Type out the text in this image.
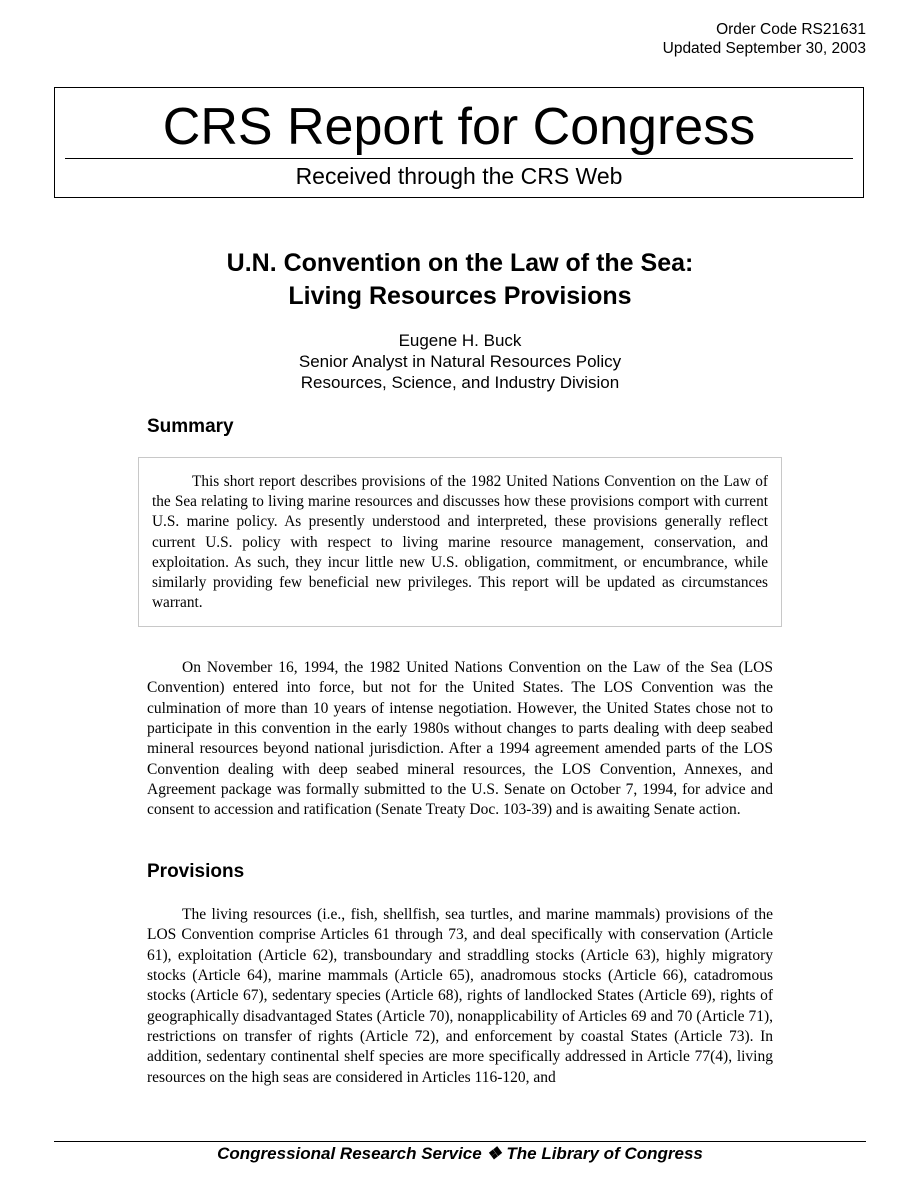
Order Code RS21631
Updated September 30, 2003
CRS Report for Congress
Received through the CRS Web
U.N. Convention on the Law of the Sea:
Living Resources Provisions
Eugene H. Buck
Senior Analyst in Natural Resources Policy
Resources, Science, and Industry Division
Summary

This short report describes provisions of the 1982 United Nations Convention on the Law of the Sea relating to living marine resources and discusses how these provisions comport with current U.S. marine policy. As presently understood and interpreted, these provisions generally reflect current U.S. policy with respect to living marine resource management, conservation, and exploitation. As such, they incur little new U.S. obligation, commitment, or encumbrance, while similarly providing few beneficial new privileges. This report will be updated as circumstances warrant.

On November 16, 1994, the 1982 United Nations Convention on the Law of the Sea (LOS Convention) entered into force, but not for the United States. The LOS Convention was the culmination of more than 10 years of intense negotiation. However, the United States chose not to participate in this convention in the early 1980s without changes to parts dealing with deep seabed mineral resources beyond national jurisdiction. After a 1994 agreement amended parts of the LOS Convention dealing with deep seabed mineral resources, the LOS Convention, Annexes, and Agreement package was formally submitted to the U.S. Senate on October 7, 1994, for advice and consent to accession and ratification (Senate Treaty Doc. 103-39) and is awaiting Senate action.

Provisions

The living resources (i.e., fish, shellfish, sea turtles, and marine mammals) provisions of the LOS Convention comprise Articles 61 through 73, and deal specifically with conservation (Article 61), exploitation (Article 62), transboundary and straddling stocks (Article 63), highly migratory stocks (Article 64), marine mammals (Article 65), anadromous stocks (Article 66), catadromous stocks (Article 67), sedentary species (Article 68), rights of landlocked States (Article 69), rights of geographically disadvantaged States (Article 70), nonapplicability of Articles 69 and 70 (Article 71), restrictions on transfer of rights (Article 72), and enforcement by coastal States (Article 73). In addition, sedentary continental shelf species are more specifically addressed in Article 77(4), living resources on the high seas are considered in Articles 116-120, and

Congressional Research Service ❖ The Library of Congress
